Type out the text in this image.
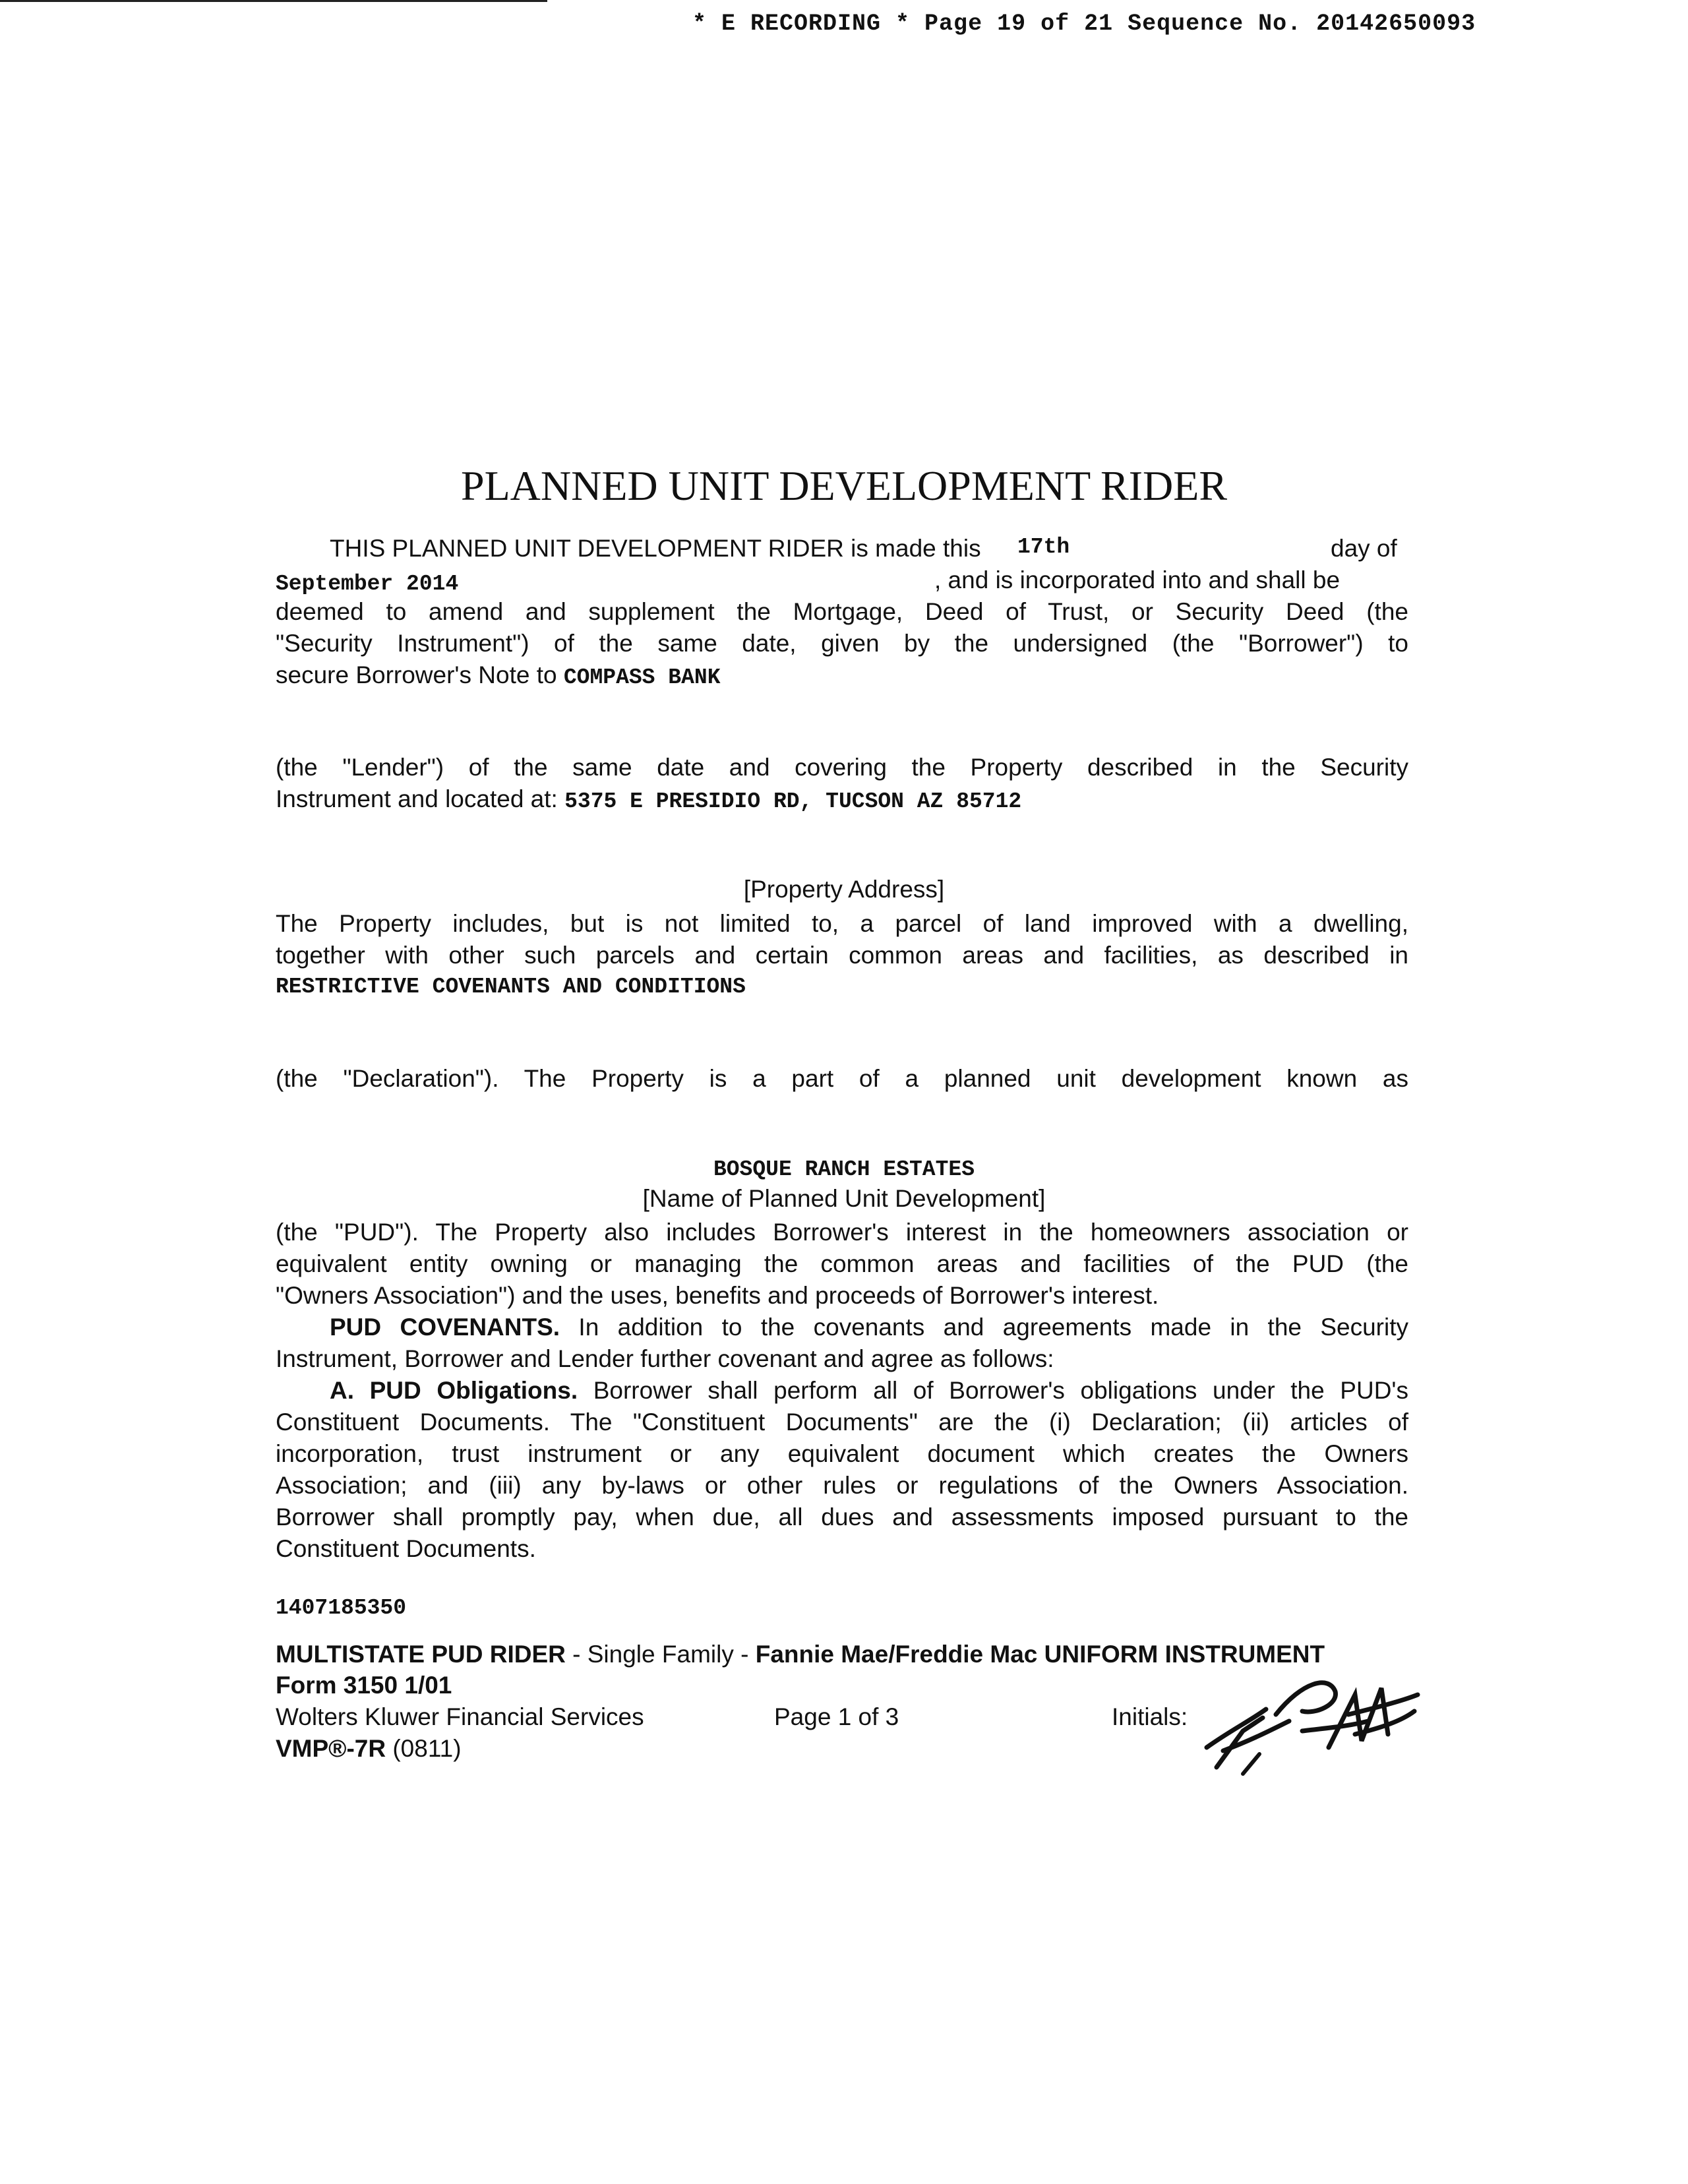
* E RECORDING * Page 19 of 21 Sequence No. 20142650093
PLANNED UNIT DEVELOPMENT RIDER
THIS PLANNED UNIT DEVELOPMENT RIDER is made this 17th	day of
September 2014	, and is incorporated into and shall be
deemed to amend and supplement the Mortgage, Deed of Trust, or Security Deed (the
"Security Instrument") of the same date, given by the undersigned (the "Borrower") to
secure Borrower's Note to COMPASS BANK
(the "Lender") of the same date and covering the Property described in the Security
Instrument and located at: 5375 E PRESIDIO RD, TUCSON AZ 85712
[Property Address]
The Property includes, but is not limited to, a parcel of land improved with a dwelling,
together with other such parcels and certain common areas and facilities, as described in
RESTRICTIVE COVENANTS AND CONDITIONS
(the "Declaration"). The Property is a part of a planned unit development known as
BOSQUE RANCH ESTATES
[Name of Planned Unit Development]
(the "PUD"). The Property also includes Borrower's interest in the homeowners association or
equivalent entity owning or managing the common areas and facilities of the PUD (the
"Owners Association") and the uses, benefits and proceeds of Borrower's interest.
PUD COVENANTS. In addition to the covenants and agreements made in the Security
Instrument, Borrower and Lender further covenant and agree as follows:
A. PUD Obligations. Borrower shall perform all of Borrower's obligations under the PUD's
Constituent Documents. The "Constituent Documents" are the (i) Declaration; (ii) articles of
incorporation, trust instrument or any equivalent document which creates the Owners
Association; and (iii) any by-laws or other rules or regulations of the Owners Association.
Borrower shall promptly pay, when due, all dues and assessments imposed pursuant to the
Constituent Documents.
1407185350
MULTISTATE PUD RIDER - Single Family - Fannie Mae/Freddie Mac UNIFORM INSTRUMENT
Form 3150 1/01
Wolters Kluwer Financial Services	Page 1 of 3	Initials:
VMP®-7R (0811)
